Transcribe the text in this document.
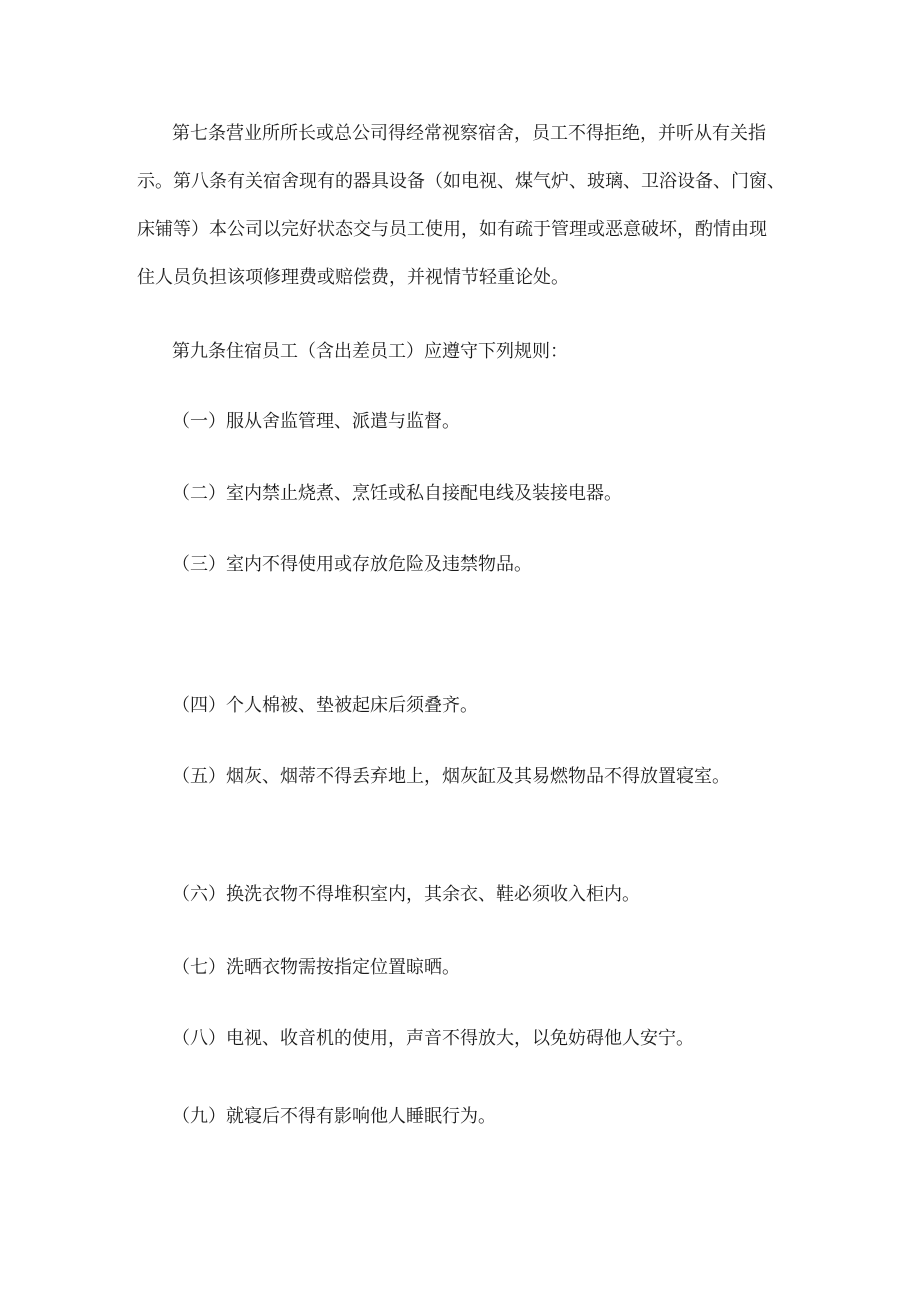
第七条营业所所长或总公司得经常视察宿舍，员工不得拒绝，并听从有关指

示。第八条有关宿舍现有的器具设备（如电视、煤气炉、玻璃、卫浴设备、门窗、

床铺等）本公司以完好状态交与员工使用，如有疏于管理或恶意破坏，酌情由现

住人员负担该项修理费或赔偿费，并视情节轻重论处。

第九条住宿员工（含出差员工）应遵守下列规则：

（一）服从舍监管理、派遣与监督。

（二）室内禁止烧煮、烹饪或私自接配电线及装接电器。

（三）室内不得使用或存放危险及违禁物品。

（四）个人棉被、垫被起床后须叠齐。

（五）烟灰、烟蒂不得丢弃地上，烟灰缸及其易燃物品不得放置寝室。

（六）换洗衣物不得堆积室内，其余衣、鞋必须收入柜内。

（七）洗晒衣物需按指定位置晾晒。

（八）电视、收音机的使用，声音不得放大，以免妨碍他人安宁。

（九）就寝后不得有影响他人睡眠行为。
